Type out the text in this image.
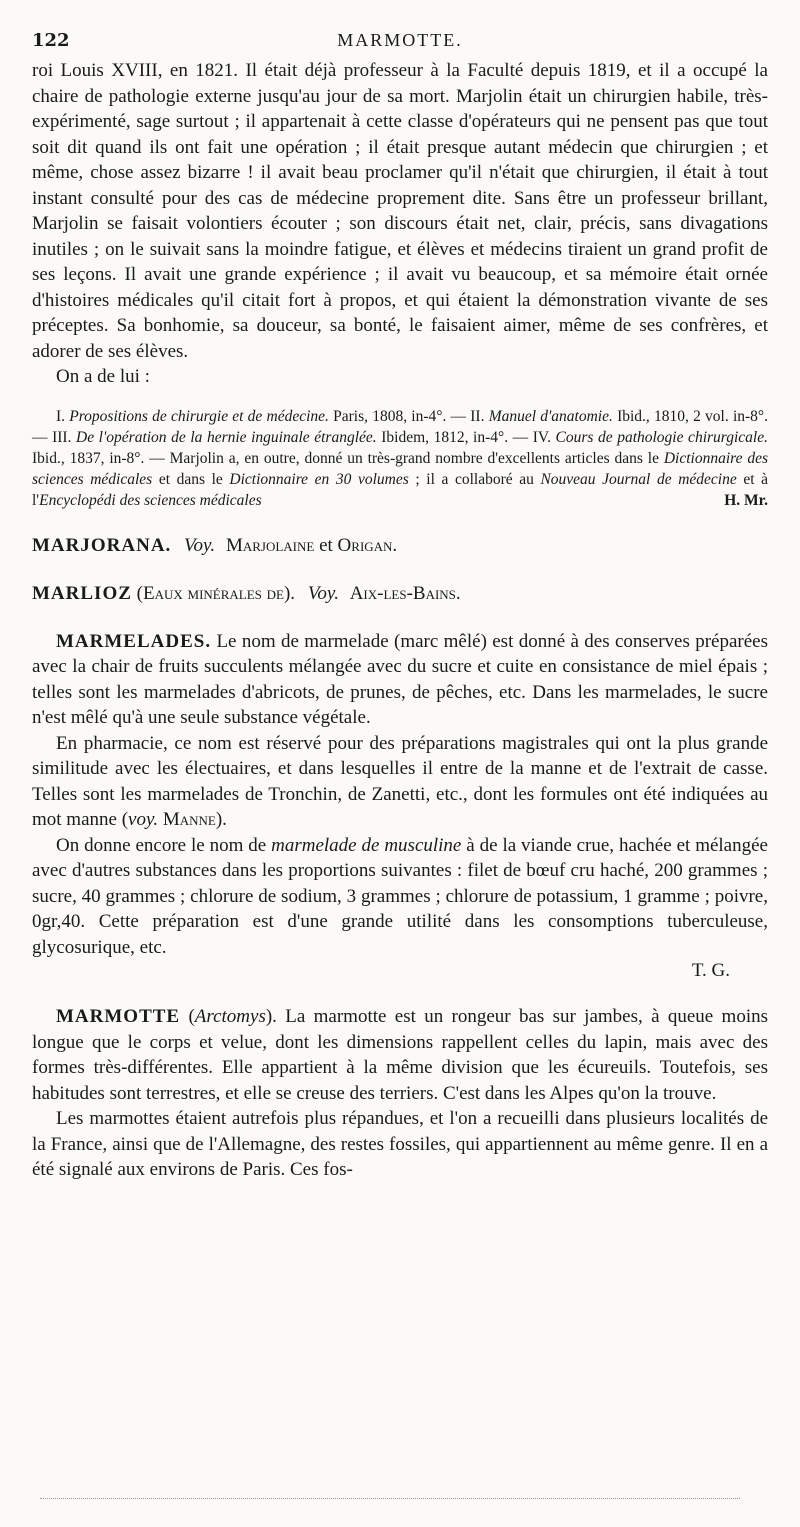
122	MARMOTTE.

roi Louis XVIII, en 1821. Il était déjà professeur à la Faculté depuis 1819, et il a occupé la chaire de pathologie externe jusqu'au jour de sa mort. Marjolin était un chirurgien habile, très-expérimenté, sage surtout ; il appartenait à cette classe d'opérateurs qui ne pensent pas que tout soit dit quand ils ont fait une opération ; il était presque autant médecin que chirurgien ; et même, chose assez bizarre ! il avait beau proclamer qu'il n'était que chirurgien, il était à tout instant consulté pour des cas de médecine proprement dite. Sans être un professeur brillant, Marjolin se faisait volontiers écouter ; son discours était net, clair, précis, sans divagations inutiles ; on le suivait sans la moindre fatigue, et élèves et médecins tiraient un grand profit de ses leçons. Il avait une grande expérience ; il avait vu beaucoup, et sa mémoire était ornée d'histoires médicales qu'il citait fort à propos, et qui étaient la démonstration vivante de ses préceptes. Sa bonhomie, sa douceur, sa bonté, le faisaient aimer, même de ses confrères, et adorer de ses élèves.

On a de lui :

I. Propositions de chirurgie et de médecine. Paris, 1808, in-4°. — II. Manuel d'anatomie. Ibid., 1810, 2 vol. in-8°. — III. De l'opération de la hernie inguinale étranglée. Ibidem, 1812, in-4°. — IV. Cours de pathologie chirurgicale. Ibid., 1837, in-8°. — Marjolin a, en outre, donné un très-grand nombre d'excellents articles dans le Dictionnaire des sciences médicales et dans le Dictionnaire en 30 volumes ; il a collaboré au Nouveau Journal de médecine et à l'Encyclopédi des sciences médicales	H. Mr.

MARJORANA. Voy. Marjolaine et Origan.
MARLIOZ (Eaux minérales de). Voy. Aix-les-Bains.

MARMELADES. Le nom de marmelade (marc mêlé) est donné à des conserves préparées avec la chair de fruits succulents mélangée avec du sucre et cuite en consistance de miel épais ; telles sont les marmelades d'abricots, de prunes, de pêches, etc. Dans les marmelades, le sucre n'est mêlé qu'à une seule substance végétale.

En pharmacie, ce nom est réservé pour des préparations magistrales qui ont la plus grande similitude avec les électuaires, et dans lesquelles il entre de la manne et de l'extrait de casse. Telles sont les marmelades de Tronchin, de Zanetti, etc., dont les formules ont été indiquées au mot manne (voy. Manne).

On donne encore le nom de marmelade de musculine à de la viande crue, hachée et mélangée avec d'autres substances dans les proportions suivantes : filet de bœuf cru haché, 200 grammes ; sucre, 40 grammes ; chlorure de sodium, 3 grammes ; chlorure de potassium, 1 gramme ; poivre, 0gr,40. Cette préparation est d'une grande utilité dans les consomptions tuberculeuse, glycosurique, etc.

T. G.

MARMOTTE (Arctomys). La marmotte est un rongeur bas sur jambes, à queue moins longue que le corps et velue, dont les dimensions rappellent celles du lapin, mais avec des formes très-différentes. Elle appartient à la même division que les écureuils. Toutefois, ses habitudes sont terrestres, et elle se creuse des terriers. C'est dans les Alpes qu'on la trouve.

Les marmottes étaient autrefois plus répandues, et l'on a recueilli dans plusieurs localités de la France, ainsi que de l'Allemagne, des restes fossiles, qui appartiennent au même genre. Il en a été signalé aux environs de Paris. Ces fos-
